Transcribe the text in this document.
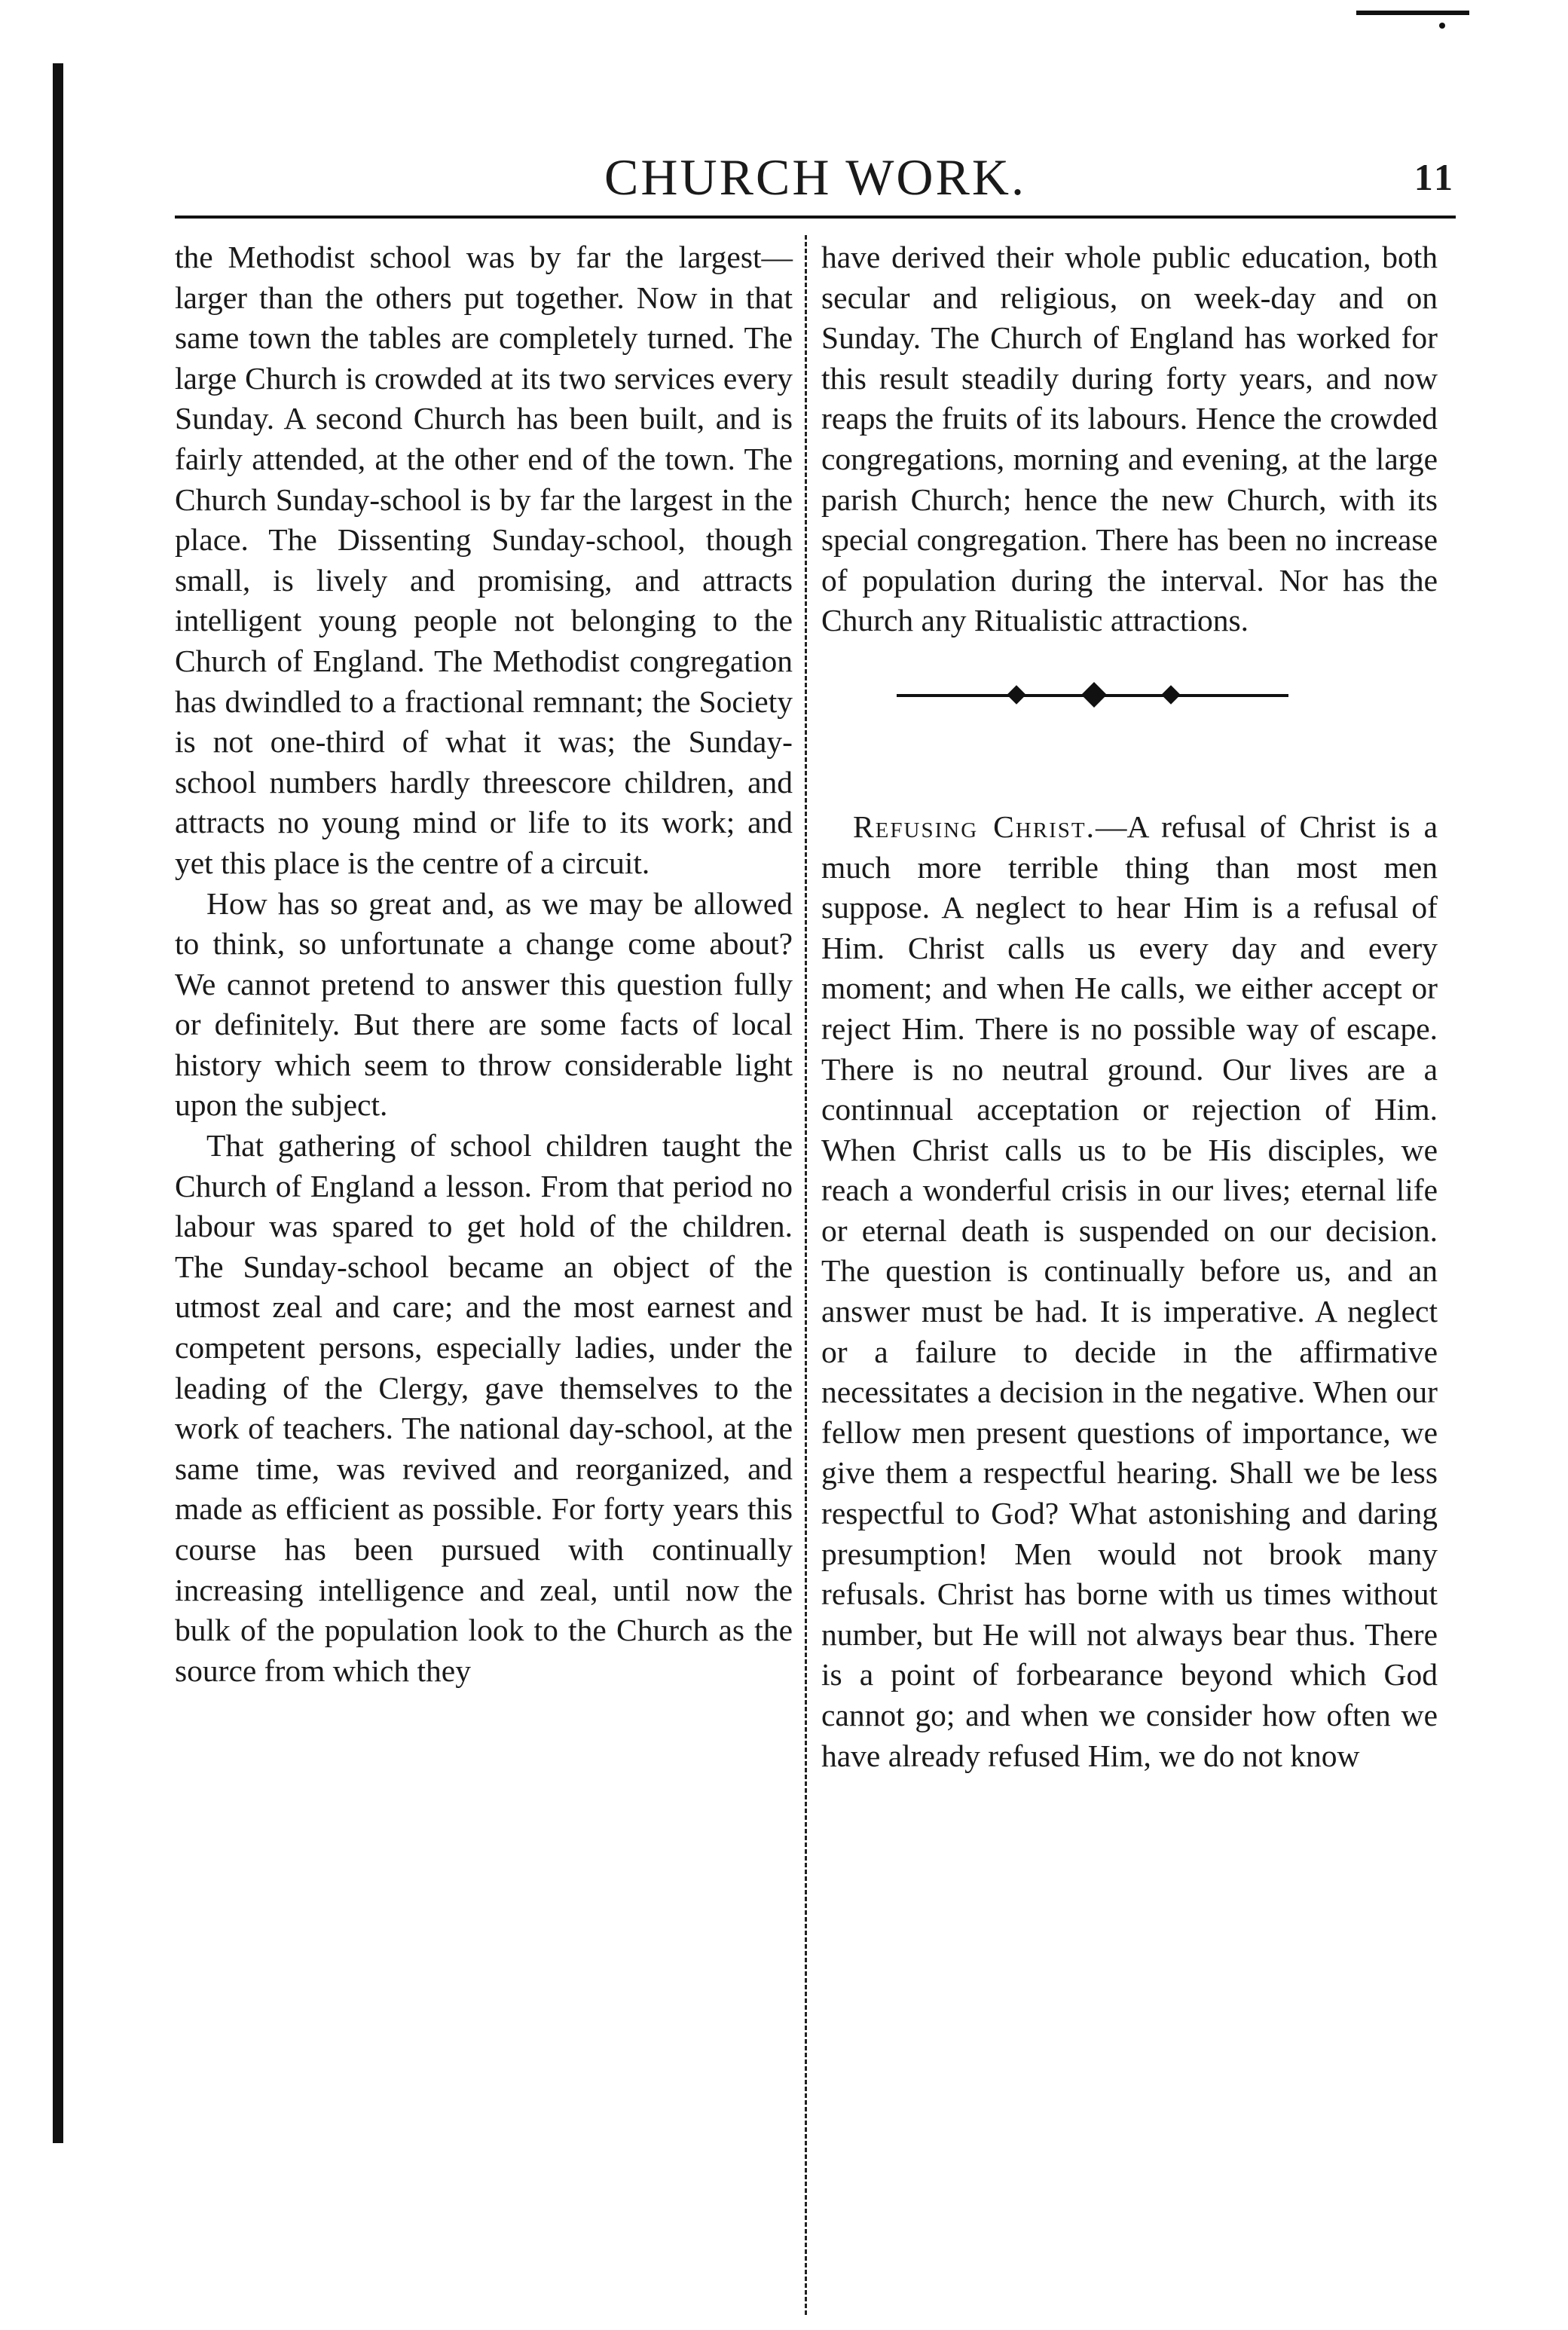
CHURCH WORK.	11

the Methodist school was by far the largest—larger than the others put together. Now in that same town the tables are completely turned. The large Church is crowded at its two services every Sunday. A second Church has been built, and is fairly attended, at the other end of the town. The Church Sunday-school is by far the largest in the place. The Dissenting Sunday-school, though small, is lively and promising, and attracts intelligent young people not belonging to the Church of England. The Methodist congregation has dwindled to a fractional remnant; the Society is not one-third of what it was; the Sunday-school numbers hardly threescore children, and attracts no young mind or life to its work; and yet this place is the centre of a circuit.

How has so great and, as we may be allowed to think, so unfortunate a change come about? We cannot pretend to answer this question fully or definitely. But there are some facts of local history which seem to throw considerable light upon the subject.

That gathering of school children taught the Church of England a lesson. From that period no labour was spared to get hold of the children. The Sunday-school became an object of the utmost zeal and care; and the most earnest and competent persons, especially ladies, under the leading of the Clergy, gave themselves to the work of teachers. The national day-school, at the same time, was revived and reorganized, and made as efficient as possible. For forty years this course has been pursued with continually increasing intelligence and zeal, until now the bulk of the population look to the Church as the source from which they

have derived their whole public education, both secular and religious, on week-day and on Sunday. The Church of England has worked for this result steadily during forty years, and now reaps the fruits of its labours. Hence the crowded congregations, morning and evening, at the large parish Church; hence the new Church, with its special congregation. There has been no increase of population during the interval. Nor has the Church any Ritualistic attractions.

Refusing Christ.—A refusal of Christ is a much more terrible thing than most men suppose. A neglect to hear Him is a refusal of Him. Christ calls us every day and every moment; and when He calls, we either accept or reject Him. There is no possible way of escape. There is no neutral ground. Our lives are a continnual acceptation or rejection of Him. When Christ calls us to be His disciples, we reach a wonderful crisis in our lives; eternal life or eternal death is suspended on our decision. The question is continually before us, and an answer must be had. It is imperative. A neglect or a failure to decide in the affirmative necessitates a decision in the negative. When our fellow men present questions of importance, we give them a respectful hearing. Shall we be less respectful to God? What astonishing and daring presumption! Men would not brook many refusals. Christ has borne with us times without number, but He will not always bear thus. There is a point of forbearance beyond which God cannot go; and when we consider how often we have already refused Him, we do not know
